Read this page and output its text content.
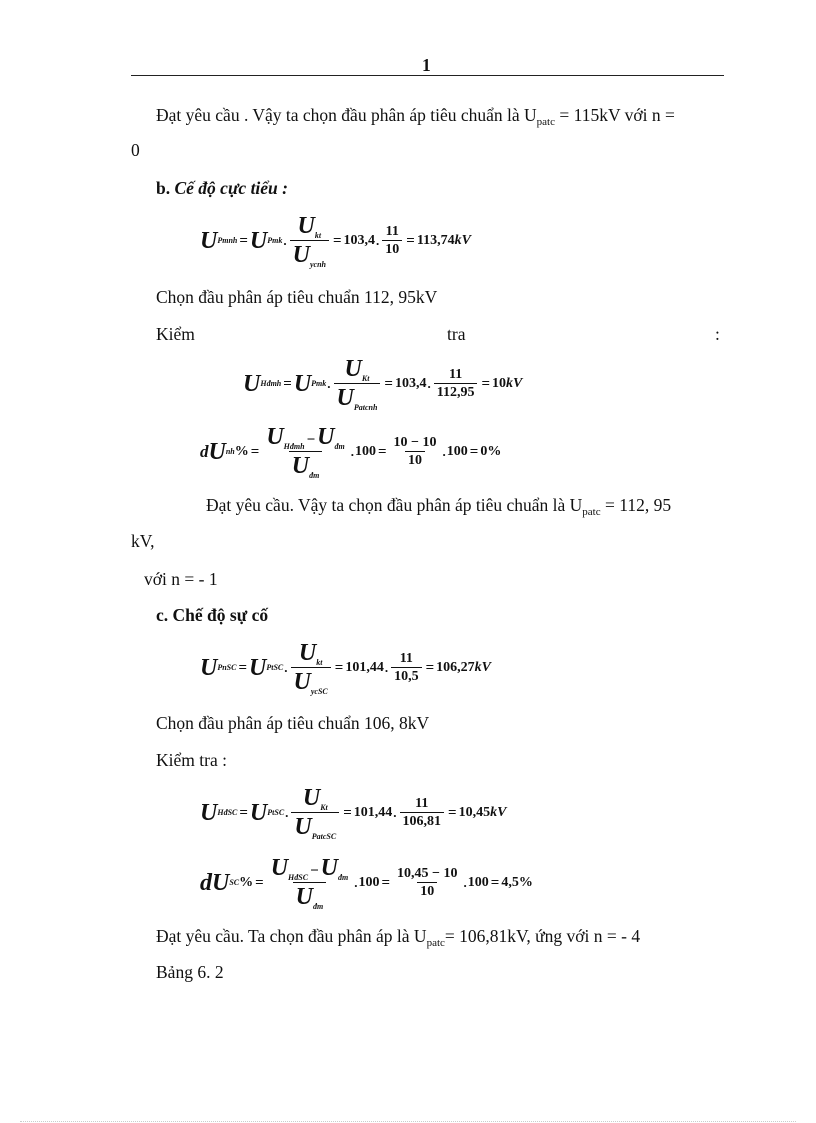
1
Đạt yêu cầu . Vậy ta chọn đầu phân áp tiêu chuẩn là $U_{patc} = 115kV$ với n =
0
b. Cế độ cực tiểu :
U Pmnh = U Pmk . $\frac{U_{kt}}{U_{ycnh}} = 103,4$ . $\frac{11}{10} = 113,74$ kV
Chọn đầu phân áp tiêu chuẩn 112, 95kV
Kiểm	tra	:
U Hđmh = U Pmk . $\frac{U_{Kt}}{U_{Patcnh}} = 103,4$ . $\frac{11}{112,95} = 10$ kV
d U nh % = $\frac{U_{Hđmh} -U_{đm}}{U_{đm}}$ . $100 = \frac{10 - 10}{10}$ . 100 = 0%
Đạt yêu cầu. Vậy ta chọn đầu phân áp tiêu chuẩn là $U_{patc} = 112$, 95
kV,
với n = - 1
c. Chế độ sự cố
U PnSC = U PtSC . $\frac{U_{kt}}{U_{ycSC}} = 101,44$ . $\frac{11}{10,5} = 106,27$ kV
Chọn đầu phân áp tiêu chuẩn 106, 8kV
Kiểm tra :
U HđSC = U PtSC . $\frac{U_{Kt}}{U_{PatcSC}} = 101,44$ . $\frac{11}{106,81} = 10,45$ kV
d U SC % = $\frac{U_{HđSC} -U_{đm}}{U_{đm}}$ . $100 = \frac{10,45 - 10}{10}$ . 100 = 4,5%
Đạt yêu cầu. Ta chọn đầu phân áp là $U_{patc}= 106,81kV$, ứng với n = - 4
Bảng 6. 2
